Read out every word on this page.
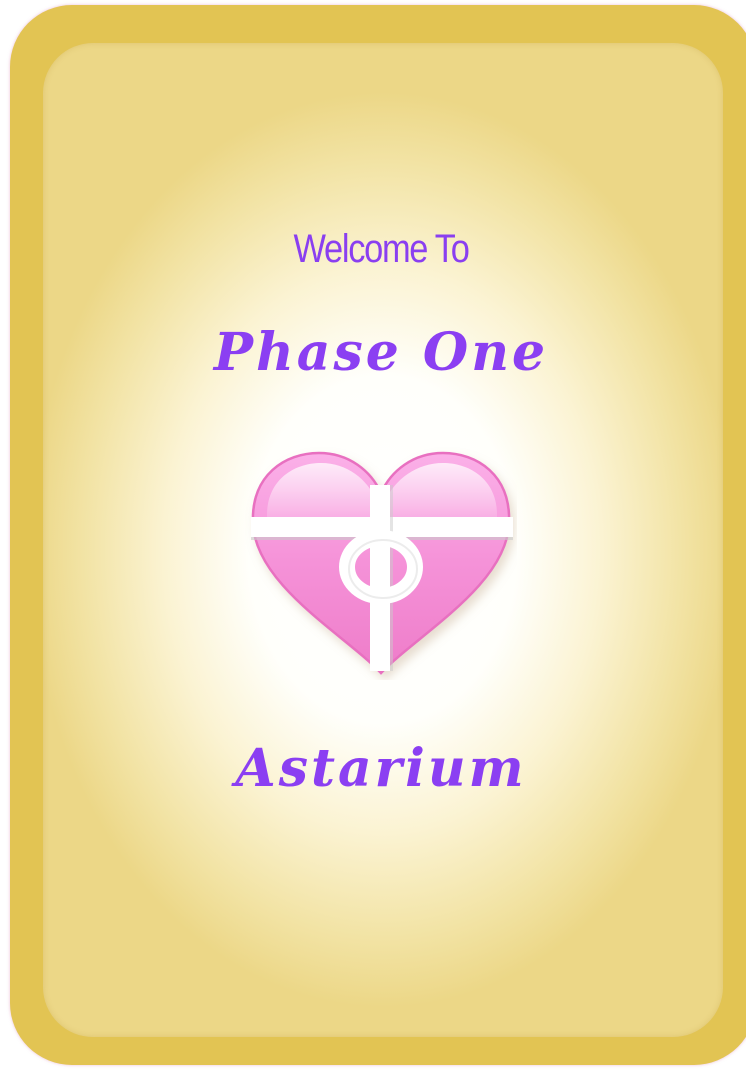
Welcome To
Phase One
Astarium
